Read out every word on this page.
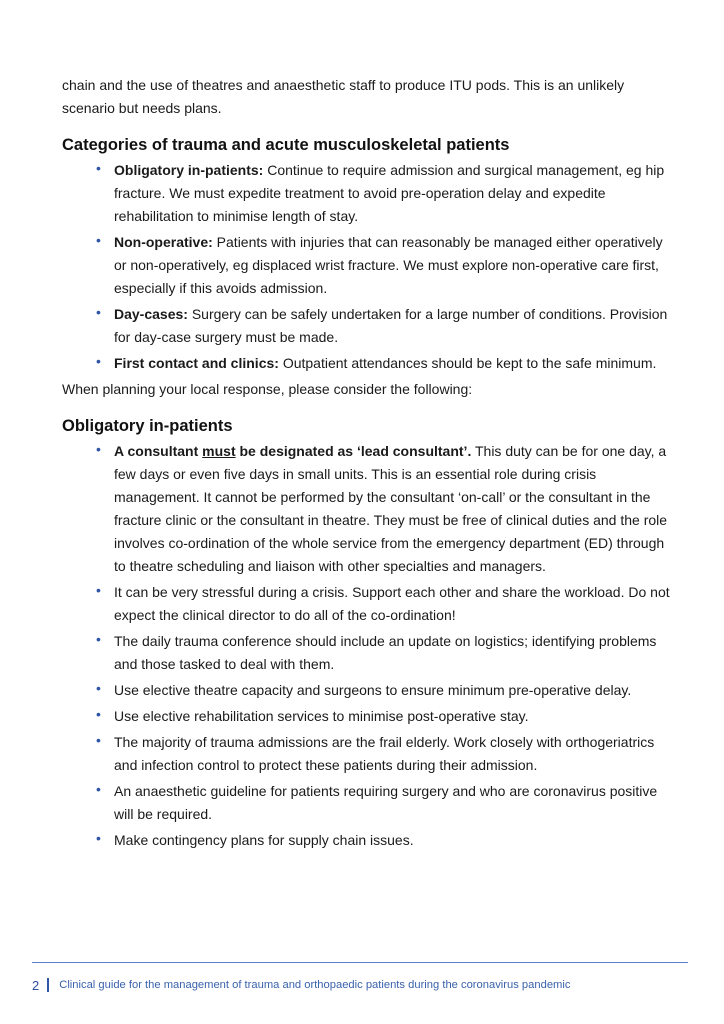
chain and the use of theatres and anaesthetic staff to produce ITU pods. This is an unlikely scenario but needs plans.

Categories of trauma and acute musculoskeletal patients
• Obligatory in-patients: Continue to require admission and surgical management, eg hip fracture. We must expedite treatment to avoid pre-operation delay and expedite rehabilitation to minimise length of stay.
• Non-operative: Patients with injuries that can reasonably be managed either operatively or non-operatively, eg displaced wrist fracture. We must explore non-operative care first, especially if this avoids admission.
• Day-cases: Surgery can be safely undertaken for a large number of conditions. Provision for day-case surgery must be made.
• First contact and clinics: Outpatient attendances should be kept to the safe minimum.

When planning your local response, please consider the following:

Obligatory in-patients
• A consultant must be designated as ‘lead consultant’. This duty can be for one day, a few days or even five days in small units. This is an essential role during crisis management. It cannot be performed by the consultant ‘on-call’ or the consultant in the fracture clinic or the consultant in theatre. They must be free of clinical duties and the role involves co-ordination of the whole service from the emergency department (ED) through to theatre scheduling and liaison with other specialties and managers.
• It can be very stressful during a crisis. Support each other and share the workload. Do not expect the clinical director to do all of the co-ordination!
• The daily trauma conference should include an update on logistics; identifying problems and those tasked to deal with them.
• Use elective theatre capacity and surgeons to ensure minimum pre-operative delay.
• Use elective rehabilitation services to minimise post-operative stay.
• The majority of trauma admissions are the frail elderly. Work closely with orthogeriatrics and infection control to protect these patients during their admission.
• An anaesthetic guideline for patients requiring surgery and who are coronavirus positive will be required.
• Make contingency plans for supply chain issues.
2 Clinical guide for the management of trauma and orthopaedic patients during the coronavirus pandemic
